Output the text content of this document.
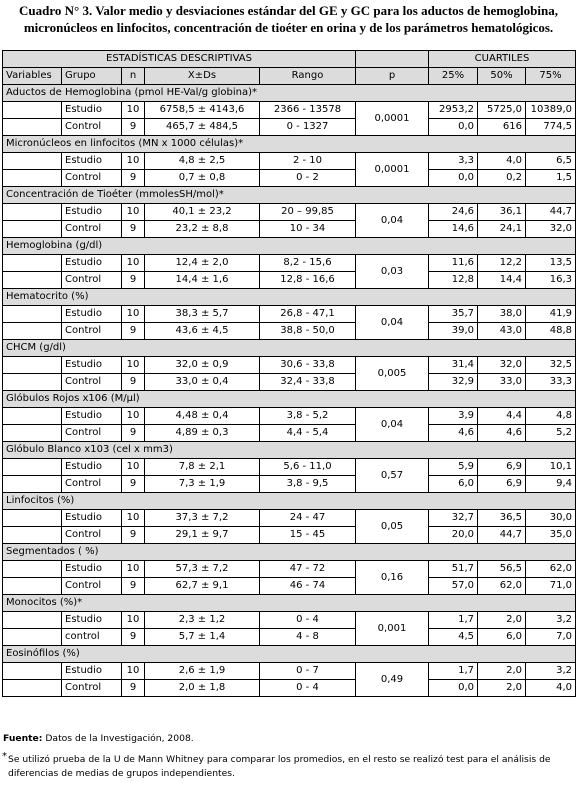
Cuadro N° 3. Valor medio y desviaciones estándar del GE y GC para los aductos de hemoglobina,
micronúcleos en linfocitos, concentración de tioéter en orina y de los parámetros hematológicos.
ESTADÍSTICAS DESCRIPTIVAS						CUARTILES		
Variables	Grupo	n	X±Ds	Rango	p	25%	50%	75%
Aductos de Hemoglobina (pmol HE-Val/g globina)*								
	Estudio	10	6758,5 ± 4143,6	2366 - 13578	0,0001	2953,2	5725,0	10389,0
	Control	9	465,7 ± 484,5	0 - 1327		0,0	616	774,5
Micronúcleos en linfocitos (MN x 1000 células)*								
	Estudio	10	4,8 ± 2,5	2 - 10	0,0001	3,3	4,0	6,5
	Control	9	0,7 ± 0,8	0 - 2		0,0	0,2	1,5
Concentración de Tioéter (mmolesSH/mol)*								
	Estudio	10	40,1 ± 23,2	20 – 99,85	0,04	24,6	36,1	44,7
	Control	9	23,2 ± 8,8	10 - 34		14,6	24,1	32,0
Hemoglobina (g/dl)								
	Estudio	10	12,4 ± 2,0	8,2 - 15,6	0,03	11,6	12,2	13,5
	Control	9	14,4 ± 1,6	12,8 - 16,6		12,8	14,4	16,3
Hematocrito (%)								
	Estudio	10	38,3 ± 5,7	26,8 - 47,1	0,04	35,7	38,0	41,9
	Control	9	43,6 ± 4,5	38,8 - 50,0		39,0	43,0	48,8
CHCM (g/dl)								
	Estudio	10	32,0 ± 0,9	30,6 - 33,8	0,005	31,4	32,0	32,5
	Control	9	33,0 ± 0,4	32,4 - 33,8		32,9	33,0	33,3
Glóbulos Rojos x106 (M/µl)								
	Estudio	10	4,48 ± 0,4	3,8 - 5,2	0,04	3,9	4,4	4,8
	Control	9	4,89 ± 0,3	4,4 - 5,4		4,6	4,6	5,2
Glóbulo Blanco x103 (cel x mm3)								
	Estudio	10	7,8 ± 2,1	5,6 - 11,0	0,57	5,9	6,9	10,1
	Control	9	7,3 ± 1,9	3,8 - 9,5		6,0	6,9	9,4
Linfocitos (%)								
	Estudio	10	37,3 ± 7,2	24 - 47	0,05	32,7	36,5	30,0
	Control	9	29,1 ± 9,7	15 - 45		20,0	44,7	35,0
Segmentados ( %)								
	Estudio	10	57,3 ± 7,2	47 - 72	0,16	51,7	56,5	62,0
	Control	9	62,7 ± 9,1	46 - 74		57,0	62,0	71,0
Monocitos (%)*								
	Estudio	10	2,3 ± 1,2	0 - 4	0,001	1,7	2,0	3,2
	control	9	5,7 ± 1,4	4 - 8		4,5	6,0	7,0
Eosinófilos (%)								
	Estudio	10	2,6 ± 1,9	0 - 7	0,49	1,7	2,0	3,2
	Control	9	2,0 ± 1,8	0 - 4		0,0	2,0	4,0
Fuente: Datos de la Investigación, 2008.
* Se utilizó prueba de la U de Mann Whitney para comparar los promedios, en el resto se realizó test para el análisis de
diferencias de medias de grupos independientes.
